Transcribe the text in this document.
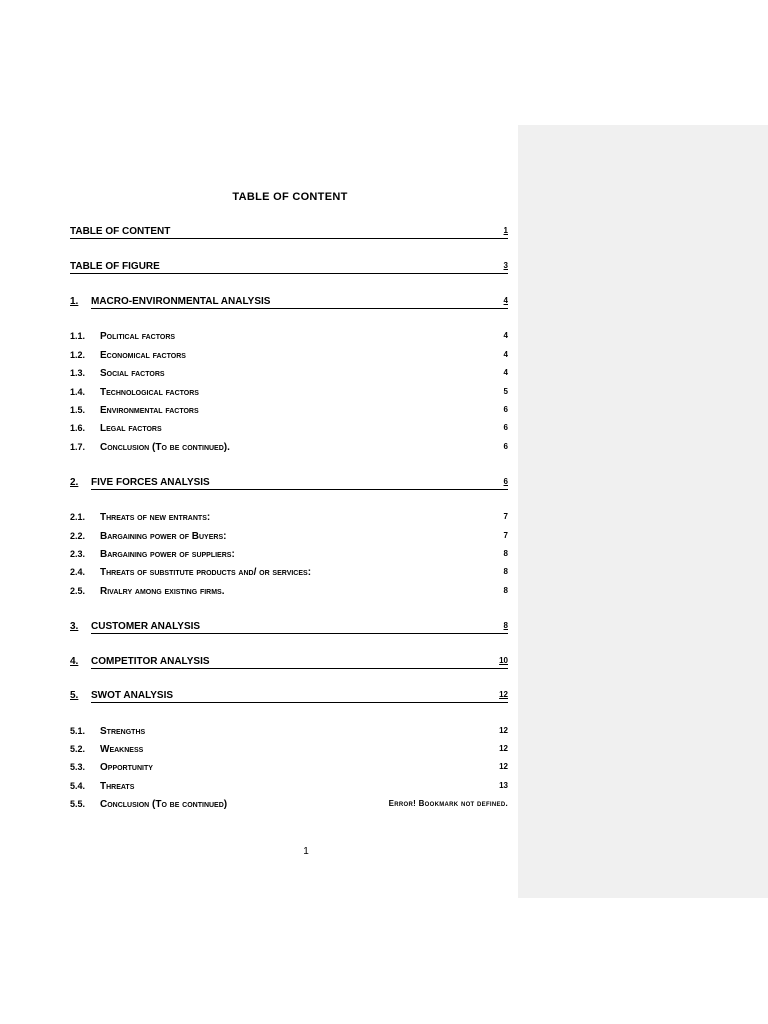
TABLE OF CONTENT
TABLE OF CONTENT	1
TABLE OF FIGURE	3
1. MACRO-ENVIRONMENTAL ANALYSIS	4
1.1. Political factors	4
1.2. Economical factors	4
1.3. Social factors	4
1.4. Technological factors	5
1.5. Environmental factors	6
1.6. Legal factors	6
1.7. Conclusion (To be continued).	6
2. FIVE FORCES ANALYSIS	6
2.1. Threats of new entrants:	7
2.2. Bargaining power of Buyers:	7
2.3. Bargaining power of suppliers:	8
2.4. Threats of substitute products and/ or services:	8
2.5. Rivalry among existing firms.	8
3. CUSTOMER ANALYSIS	8
4. COMPETITOR ANALYSIS	10
5. SWOT ANALYSIS	12
5.1. Strengths	12
5.2. Weakness	12
5.3. Opportunity	12
5.4. Threats	13
5.5. Conclusion (To be continued)	Error! Bookmark not defined.
1
